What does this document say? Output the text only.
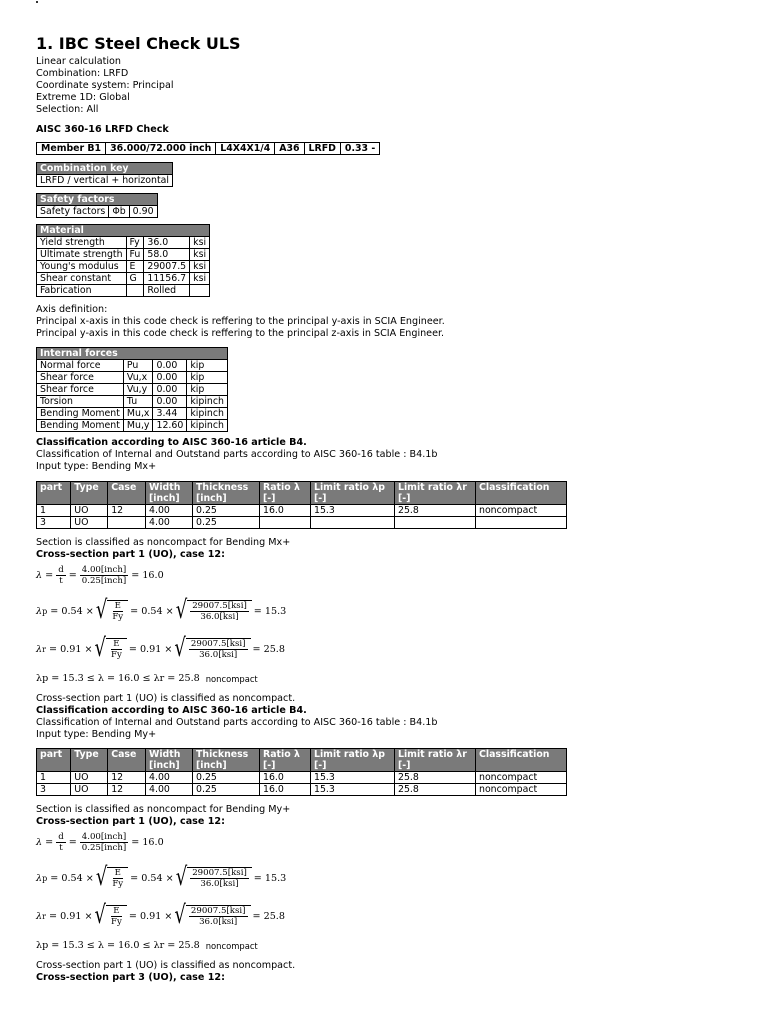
1. IBC Steel Check ULS
Linear calculation
Combination: LRFD
Coordinate system: Principal
Extreme 1D: Global
Selection: All
AISC 360-16 LRFD Check
Member B1	36.000/72.000 inch	L4X4X1/4	A36	LRFD	0.33 -
Combination key
LRFD / vertical + horizontal
Safety factors
Safety factors	Φb	0.90
Material			
Yield strength	Fy	36.0	ksi
Ultimate strength	Fu	58.0	ksi
Young's modulus	E	29007.5	ksi
Shear constant	G	11156.7	ksi
Fabrication		Rolled	
Axis definition:
Principal x-axis in this code check is reffering to the principal y-axis in SCIA Engineer.
Principal y-axis in this code check is reffering to the principal z-axis in SCIA Engineer.
Internal forces			
Normal force	Pu	0.00	kip
Shear force	Vu,x	0.00	kip
Shear force	Vu,y	0.00	kip
Torsion	Tu	0.00	kipinch
Bending Moment	Mu,x	3.44	kipinch
Bending Moment	Mu,y	12.60	kipinch
Classification according to AISC 360-16 article B4.
Classification of Internal and Outstand parts according to AISC 360-16 table : B4.1b
Input type: Bending Mx+
part	Type	Case	Width [inch]	Thickness [inch]	Ratio λ [-]	Limit ratio λp [-]	Limit ratio λr [-]	Classification
1	UO	12	4.00	0.25	16.0	15.3	25.8	noncompact
3	UO		4.00	0.25				
Section is classified as noncompact for Bending Mx+
Cross-section part 1 (UO), case 12:
$\lambda = \frac{d}{t} = \frac{\text{4.00[inch]}}{\text{0.25[inch]}} = 16.0$
λ p = 0.54 × √ $\frac{E}{Fy} = 0.54$ × √ $\frac{\text{29007.5[ksi]}}{\text{36.0[ksi]}} = 15.3$
λ r = 0.91 × √ $\frac{E}{Fy} = 0.91$ × √ $\frac{\text{29007.5[ksi]}}{\text{36.0[ksi]}} = 25.8$
λp = 15.3 ≤ λ = 16.0 ≤ λr = 25.8 noncompact
Cross-section part 1 (UO) is classified as noncompact.
Classification according to AISC 360-16 article B4.
Classification of Internal and Outstand parts according to AISC 360-16 table : B4.1b
Input type: Bending My+
part	Type	Case	Width [inch]	Thickness [inch]	Ratio λ [-]	Limit ratio λp [-]	Limit ratio λr [-]	Classification
1	UO	12	4.00	0.25	16.0	15.3	25.8	noncompact
3	UO	12	4.00	0.25	16.0	15.3	25.8	noncompact
Section is classified as noncompact for Bending My+
Cross-section part 1 (UO), case 12:
$\lambda = \frac{d}{t} = \frac{\text{4.00[inch]}}{\text{0.25[inch]}} = 16.0$
λ p = 0.54 × √ $\frac{E}{Fy} = 0.54$ × √ $\frac{\text{29007.5[ksi]}}{\text{36.0[ksi]}} = 15.3$
λ r = 0.91 × √ $\frac{E}{Fy} = 0.91$ × √ $\frac{\text{29007.5[ksi]}}{\text{36.0[ksi]}} = 25.8$
λp = 15.3 ≤ λ = 16.0 ≤ λr = 25.8 noncompact
Cross-section part 1 (UO) is classified as noncompact.
Cross-section part 3 (UO), case 12:
